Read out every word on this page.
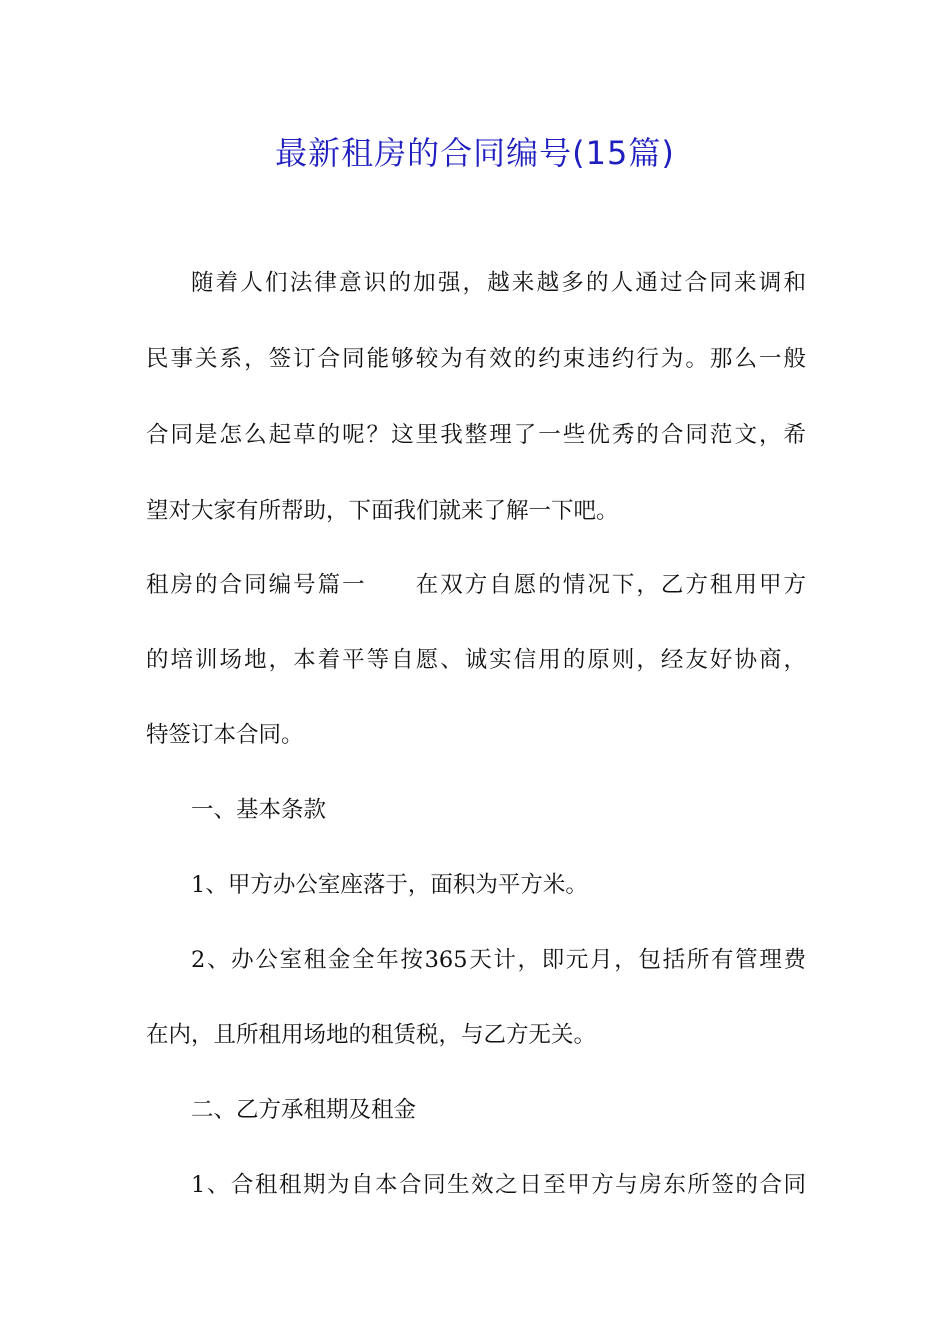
最新租房的合同编号(15篇)
随着人们法律意识的加强，越来越多的人通过合同来调和
民事关系，签订合同能够较为有效的约束违约行为。那么一般
合同是怎么起草的呢？这里我整理了一些优秀的合同范文，希
望对大家有所帮助，下面我们就来了解一下吧。
租房的合同编号篇一　　在双方自愿的情况下，乙方租用甲方
的培训场地，本着平等自愿、诚实信用的原则，经友好协商，
特签订本合同。
一、基本条款
1、甲方办公室座落于，面积为平方米。
2、办公室租金全年按365天计，即元月，包括所有管理费
在内，且所租用场地的租赁税，与乙方无关。
二、乙方承租期及租金
1、合租租期为自本合同生效之日至甲方与房东所签的合同
